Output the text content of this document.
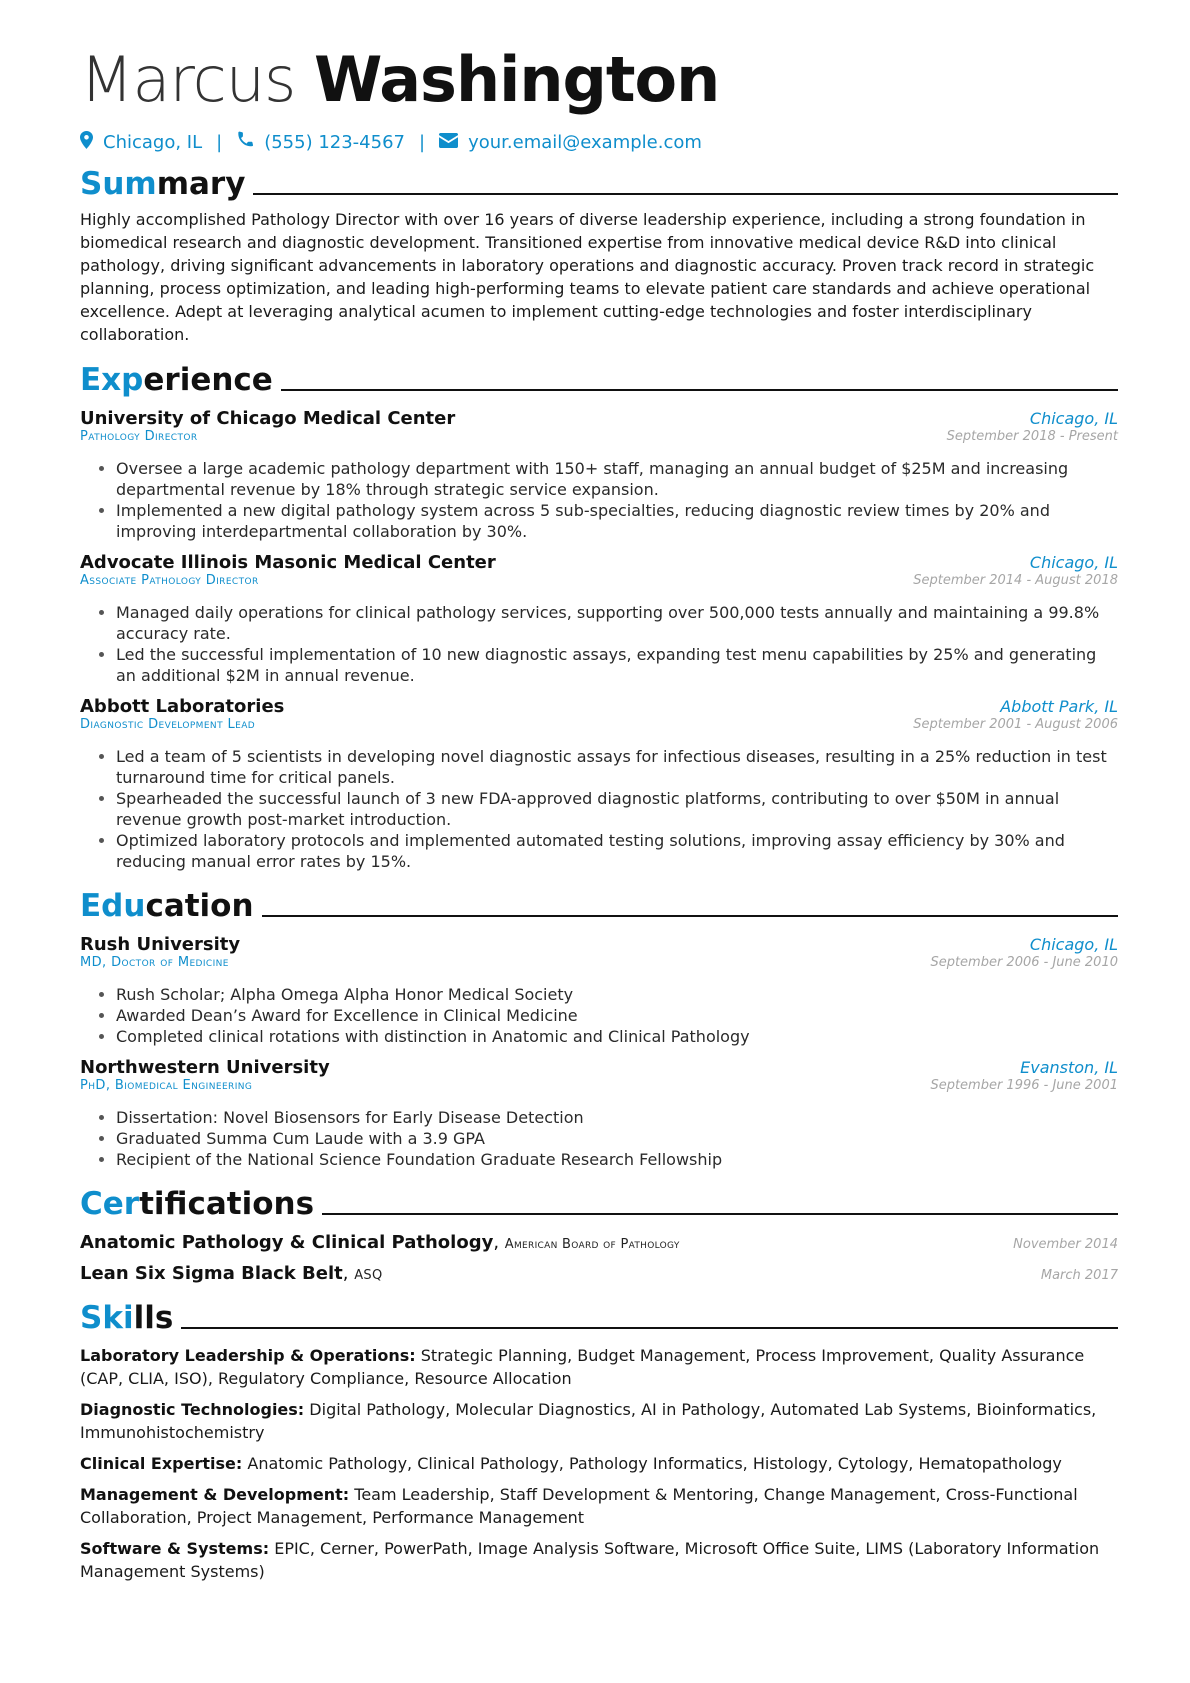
Marcus Washington
Chicago, IL | (555) 123-4567 | your.email@example.com
Summary
Highly accomplished Pathology Director with over 16 years of diverse leadership experience, including a strong foundation in biomedical research and diagnostic development. Transitioned expertise from innovative medical device R&D into clinical pathology, driving significant advancements in laboratory operations and diagnostic accuracy. Proven track record in strategic planning, process optimization, and leading high-performing teams to elevate patient care standards and achieve operational excellence. Adept at leveraging analytical acumen to implement cutting-edge technologies and foster interdisciplinary collaboration.
Experience
University of Chicago Medical Center	Chicago, IL
Pathology Director	September 2018 - Present
• Oversee a large academic pathology department with 150+ staff, managing an annual budget of $25M and increasing departmental revenue by 18% through strategic service expansion.
• Implemented a new digital pathology system across 5 sub-specialties, reducing diagnostic review times by 20% and improving interdepartmental collaboration by 30%.
Advocate Illinois Masonic Medical Center	Chicago, IL
Associate Pathology Director	September 2014 - August 2018
• Managed daily operations for clinical pathology services, supporting over 500,000 tests annually and maintaining a 99.8% accuracy rate.
• Led the successful implementation of 10 new diagnostic assays, expanding test menu capabilities by 25% and generating an additional $2M in annual revenue.
Abbott Laboratories	Abbott Park, IL
Diagnostic Development Lead	September 2001 - August 2006
• Led a team of 5 scientists in developing novel diagnostic assays for infectious diseases, resulting in a 25% reduction in test turnaround time for critical panels.
• Spearheaded the successful launch of 3 new FDA-approved diagnostic platforms, contributing to over $50M in annual revenue growth post-market introduction.
• Optimized laboratory protocols and implemented automated testing solutions, improving assay efficiency by 30% and reducing manual error rates by 15%.
Education
Rush University	Chicago, IL
MD, Doctor of Medicine	September 2006 - June 2010
• Rush Scholar; Alpha Omega Alpha Honor Medical Society
• Awarded Dean’s Award for Excellence in Clinical Medicine
• Completed clinical rotations with distinction in Anatomic and Clinical Pathology
Northwestern University	Evanston, IL
PhD, Biomedical Engineering	September 1996 - June 2001
• Dissertation: Novel Biosensors for Early Disease Detection
• Graduated Summa Cum Laude with a 3.9 GPA
• Recipient of the National Science Foundation Graduate Research Fellowship
Certifications
Anatomic Pathology & Clinical Pathology, American Board of Pathology	November 2014
Lean Six Sigma Black Belt, ASQ	March 2017
Skills
Laboratory Leadership & Operations: Strategic Planning, Budget Management, Process Improvement, Quality Assurance (CAP, CLIA, ISO), Regulatory Compliance, Resource Allocation
Diagnostic Technologies: Digital Pathology, Molecular Diagnostics, AI in Pathology, Automated Lab Systems, Bioinformatics, Immunohistochemistry
Clinical Expertise: Anatomic Pathology, Clinical Pathology, Pathology Informatics, Histology, Cytology, Hematopathology
Management & Development: Team Leadership, Staff Development & Mentoring, Change Management, Cross-Functional Collaboration, Project Management, Performance Management
Software & Systems: EPIC, Cerner, PowerPath, Image Analysis Software, Microsoft Office Suite, LIMS (Laboratory Information Management Systems)
